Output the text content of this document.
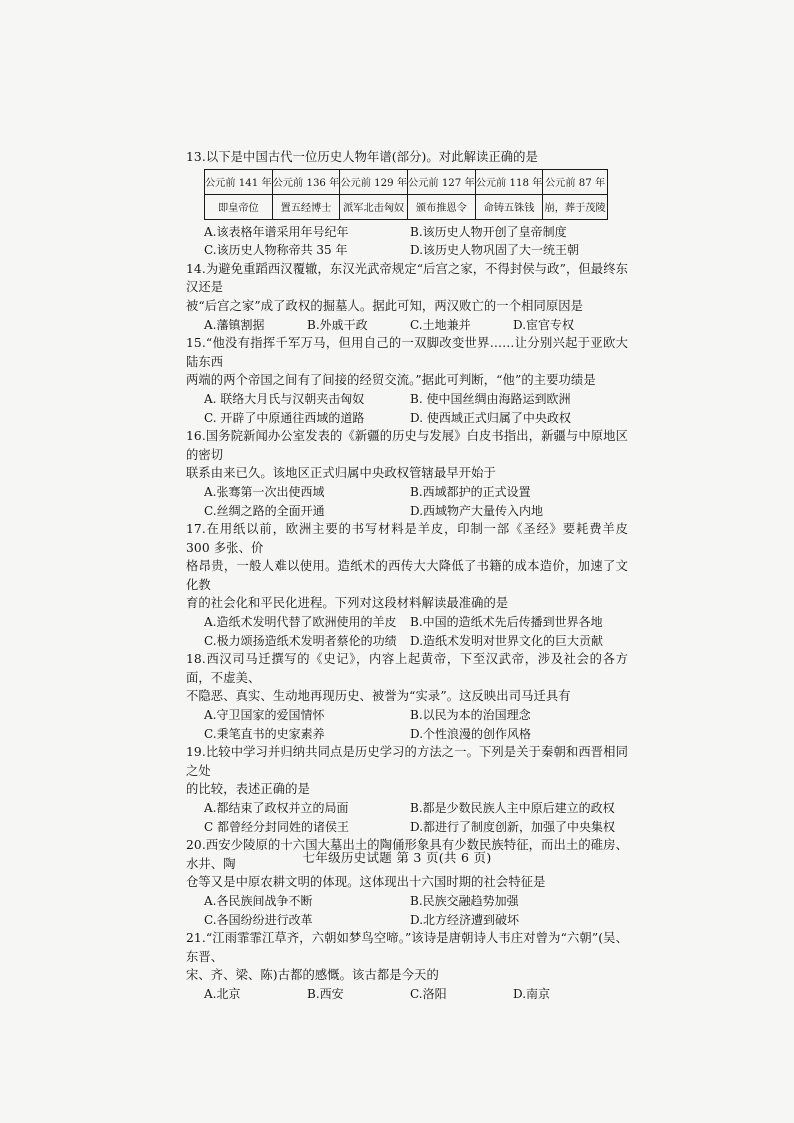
13.以下是中国古代一位历史人物年谱(部分)。对此解读正确的是

公元前 141 年	公元前 136 年	公元前 129 年	公元前 127 年	公元前 118 年	公元前 87 年
即皇帝位	置五经博士	派军北击匈奴	颁布推恩令	命铸五铢钱	崩，葬于茂陵
A.该表格年谱采用年号纪年	B.该历史人物开创了皇帝制度
C.该历史人物称帝共 35 年	D.该历史人物巩固了大一统王朝

14.为避免重蹈西汉覆辙，东汉光武帝规定“后宫之家，不得封侯与政”，但最终东汉还是

被“后宫之家”成了政权的掘墓人。据此可知，两汉败亡的一个相同原因是

A.藩镇割据	B.外戚干政	C.土地兼并	D.宦官专权

15.“他没有指挥千军万马，但用自己的一双脚改变世界……让分别兴起于亚欧大陆东西

两端的两个帝国之间有了间接的经贸交流。”据此可判断，“他”的主要功绩是

A. 联络大月氏与汉朝夹击匈奴	B. 使中国丝绸由海路运到欧洲
C. 开辟了中原通往西域的道路	D. 使西域正式归属了中央政权

16.国务院新闻办公室发表的《新疆的历史与发展》白皮书指出，新疆与中原地区的密切

联系由来已久。该地区正式归属中央政权管辖最早开始于

A.张骞第一次出使西域	B.西域都护的正式设置
C.丝绸之路的全面开通	D.西域物产大量传入内地

17.在用纸以前，欧洲主要的书写材料是羊皮，印制一部《圣经》要耗费羊皮 300 多张、价

格昂贵，一般人难以使用。造纸术的西传大大降低了书籍的成本造价，加速了文化教

育的社会化和平民化进程。下列对这段材料解读最准确的是

A.造纸术发明代替了欧洲使用的羊皮	B.中国的造纸术先后传播到世界各地
C.极力颂扬造纸术发明者蔡伦的功绩	D.造纸术发明对世界文化的巨大贡献

18.西汉司马迁撰写的《史记》，内容上起黄帝，下至汉武帝，涉及社会的各方面，不虚美、

不隐恶、真实、生动地再现历史、被誉为“实录”。这反映出司马迁具有

A.守卫国家的爱国情怀	B.以民为本的治国理念
C.秉笔直书的史家素养	D.个性浪漫的创作风格

19.比较中学习并归纳共同点是历史学习的方法之一。下列是关于秦朝和西晋相同之处

的比较，表述正确的是

A.都结束了政权并立的局面	B.都是少数民族人主中原后建立的政权
C 都曾经分封同姓的诸侯王	D.都进行了制度创新，加强了中央集权

20.西安少陵原的十六国大墓出土的陶俑形象具有少数民族特征，而出土的碓房、水井、陶

仓等又是中原农耕文明的体现。这体现出十六国时期的社会特征是

A.各民族间战争不断	B.民族交融趋势加强
C.各国纷纷进行改革	D.北方经济遭到破坏

21.“江雨霏霏江草齐，六朝如梦鸟空啼。”该诗是唐朝诗人韦庄对曾为“六朝”(吴、东晋、

宋、齐、梁、陈)古都的感慨。该古都是今天的

A.北京	B.西安	C.洛阳	D.南京
七年级历史试题 第 3 页(共 6 页)
